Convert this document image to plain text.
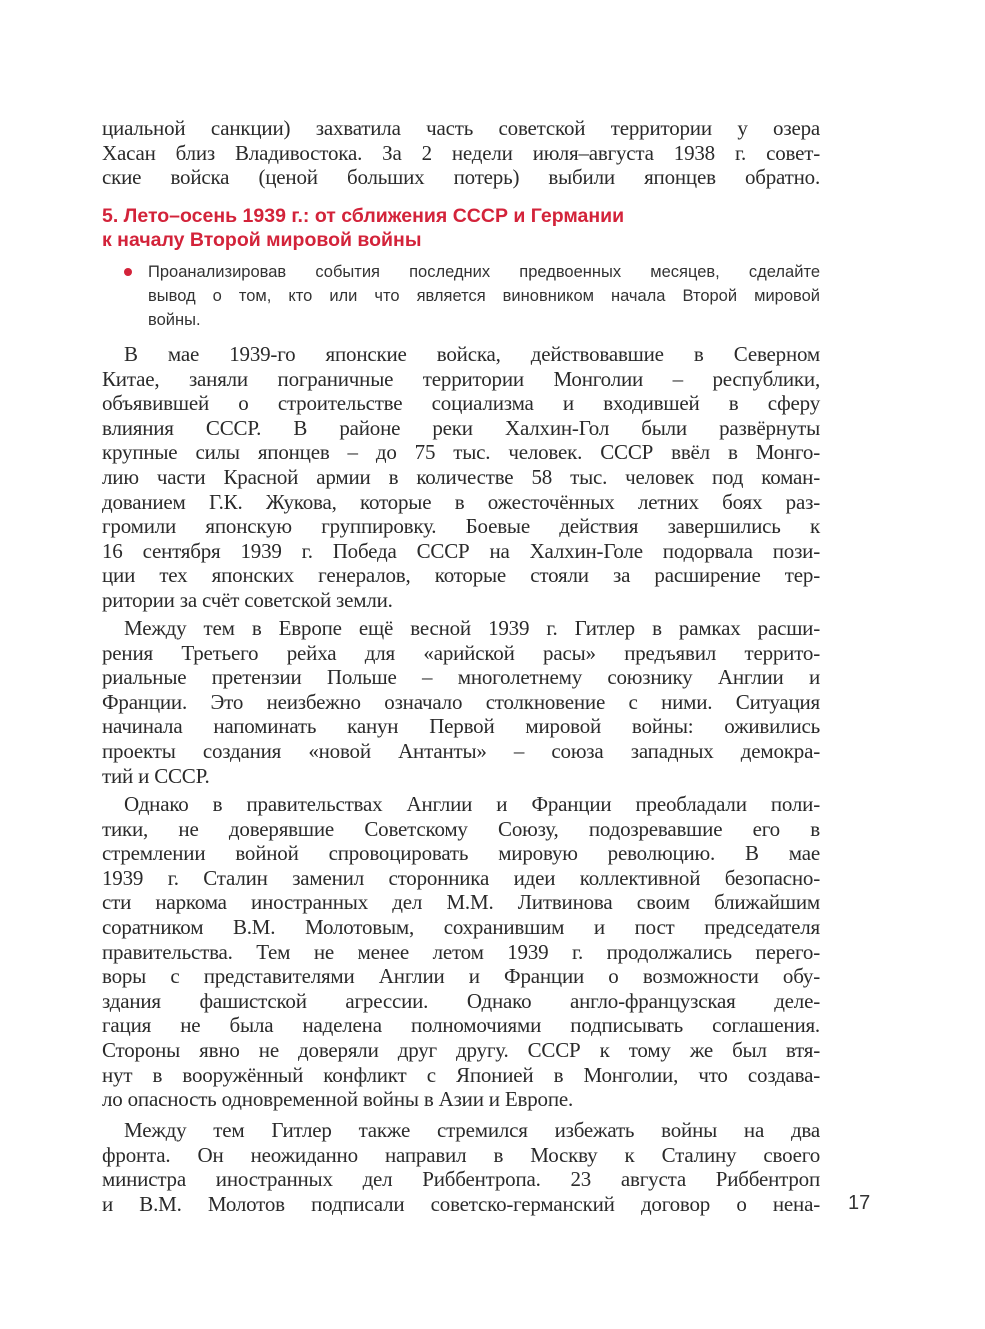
циальной санкции) захватила часть советской территории у озера
Хасан близ Владивостока. За 2 недели июля–августа 1938 г. совет-
ские войска (ценой больших потерь) выбили японцев обратно.
5. Лето–осень 1939 г.: от сближения СССР и Германии
к началу Второй мировой войны
Проанализировав события последних предвоенных месяцев, сделайте
вывод о том, кто или что является виновником начала Второй мировой
войны.
В мае 1939-го японские войска, действовавшие в Северном
Китае, заняли пограничные территории Монголии – республики,
объявившей о строительстве социализма и входившей в сферу
влияния СССР. В районе реки Халхин-Гол были развёрнуты
крупные силы японцев – до 75 тыс. человек. СССР ввёл в Монго-
лию части Красной армии в количестве 58 тыс. человек под коман-
дованием Г.К. Жукова, которые в ожесточённых летних боях раз-
громили японскую группировку. Боевые действия завершились к
16 сентября 1939 г. Победа СССР на Халхин-Голе подорвала пози-
ции тех японских генералов, которые стояли за расширение тер-
ритории за счёт советской земли.
Между тем в Европе ещё весной 1939 г. Гитлер в рамках расши-
рения Третьего рейха для «арийской расы» предъявил террито-
риальные претензии Польше – многолетнему союзнику Англии и
Франции. Это неизбежно означало столкновение с ними. Ситуация
начинала напоминать канун Первой мировой войны: оживились
проекты создания «новой Антанты» – союза западных демокра-
тий и СССР.
Однако в правительствах Англии и Франции преобладали поли-
тики, не доверявшие Советскому Союзу, подозревавшие его в
стремлении войной спровоцировать мировую революцию. В мае
1939 г. Сталин заменил сторонника идеи коллективной безопасно-
сти наркома иностранных дел М.М. Литвинова своим ближайшим
соратником В.М. Молотовым, сохранившим и пост председателя
правительства. Тем не менее летом 1939 г. продолжались перего-
воры с представителями Англии и Франции о возможности обу-
здания фашистской агрессии. Однако англо-французская деле-
гация не была наделена полномочиями подписывать соглашения.
Стороны явно не доверяли друг другу. СССР к тому же был втя-
нут в вооружённый конфликт с Японией в Монголии, что создава-
ло опасность одновременной войны в Азии и Европе.
Между тем Гитлер также стремился избежать войны на два
фронта. Он неожиданно направил в Москву к Сталину своего
министра иностранных дел Риббентропа. 23 августа Риббентроп
и В.М. Молотов подписали советско-германский договор о нена- 17
